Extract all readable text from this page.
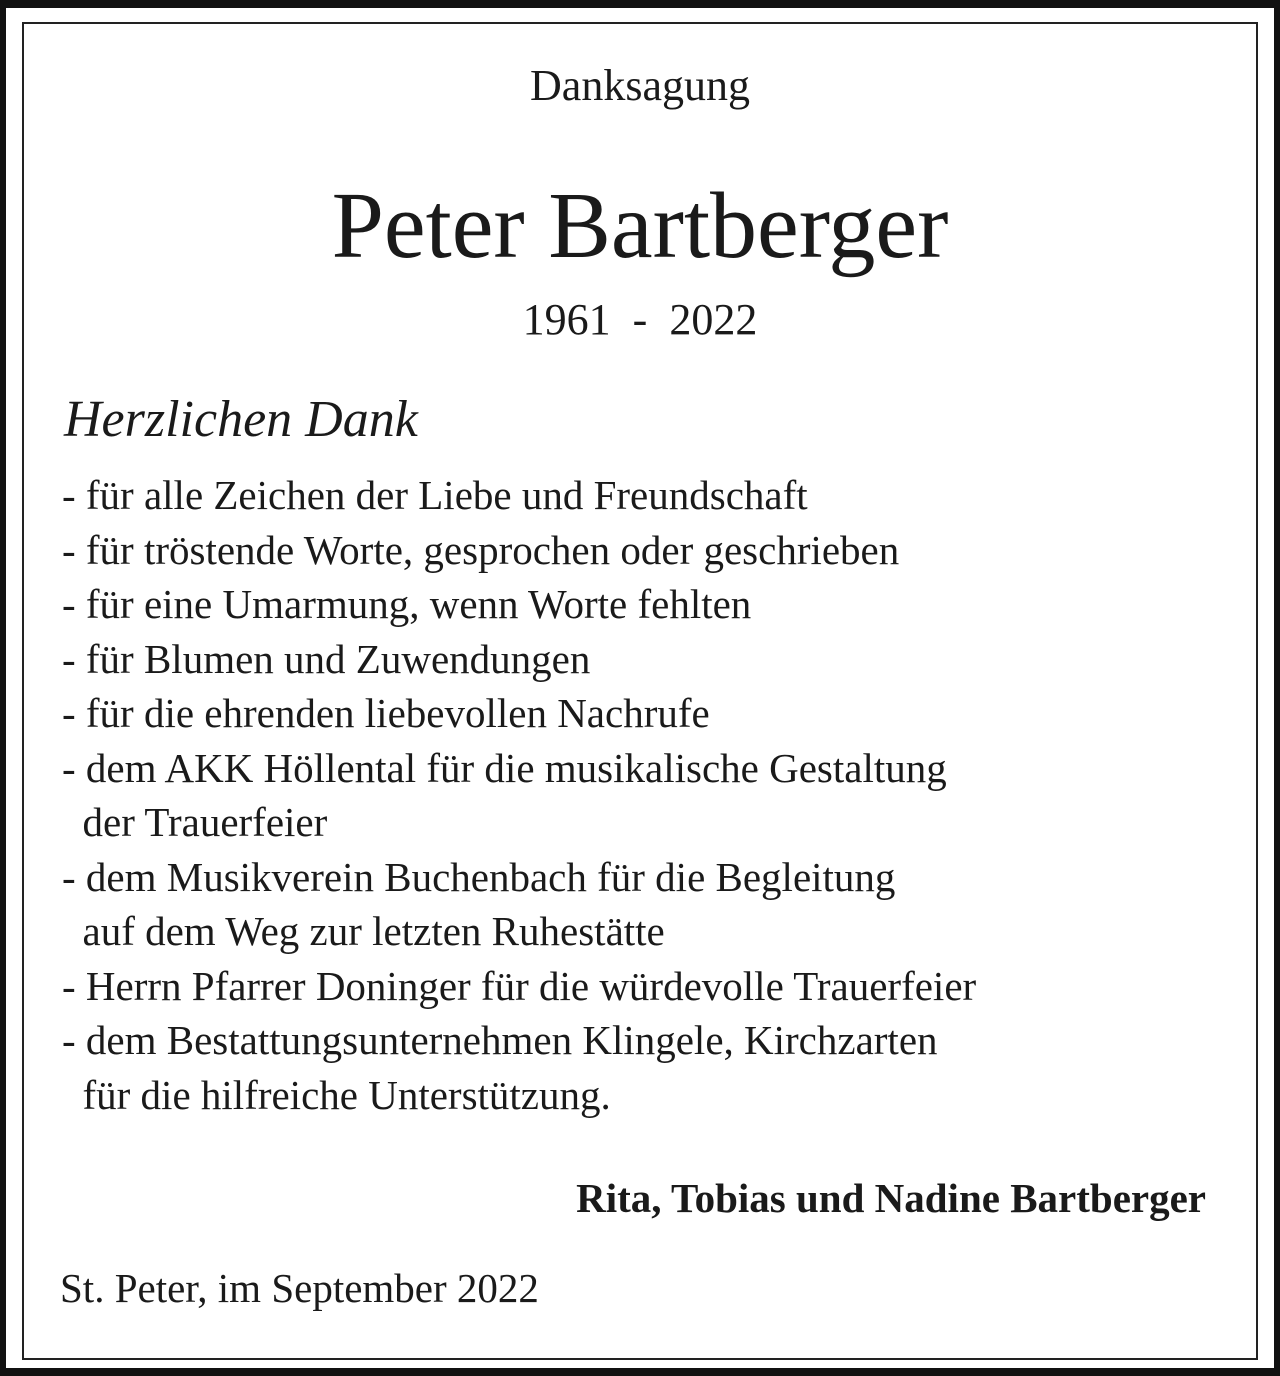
Danksagung
Peter Bartberger
1961  -  2022
Herzlichen Dank
- für alle Zeichen der Liebe und Freundschaft
- für tröstende Worte, gesprochen oder geschrieben
- für eine Umarmung, wenn Worte fehlten
- für Blumen und Zuwendungen
- für die ehrenden liebevollen Nachrufe
- dem AKK Höllental für die musikalische Gestaltung
der Trauerfeier
- dem Musikverein Buchenbach für die Begleitung
auf dem Weg zur letzten Ruhestätte
- Herrn Pfarrer Doninger für die würdevolle Trauerfeier
- dem Bestattungsunternehmen Klingele, Kirchzarten
für die hilfreiche Unterstützung.
Rita, Tobias und Nadine Bartberger
St. Peter, im September 2022
